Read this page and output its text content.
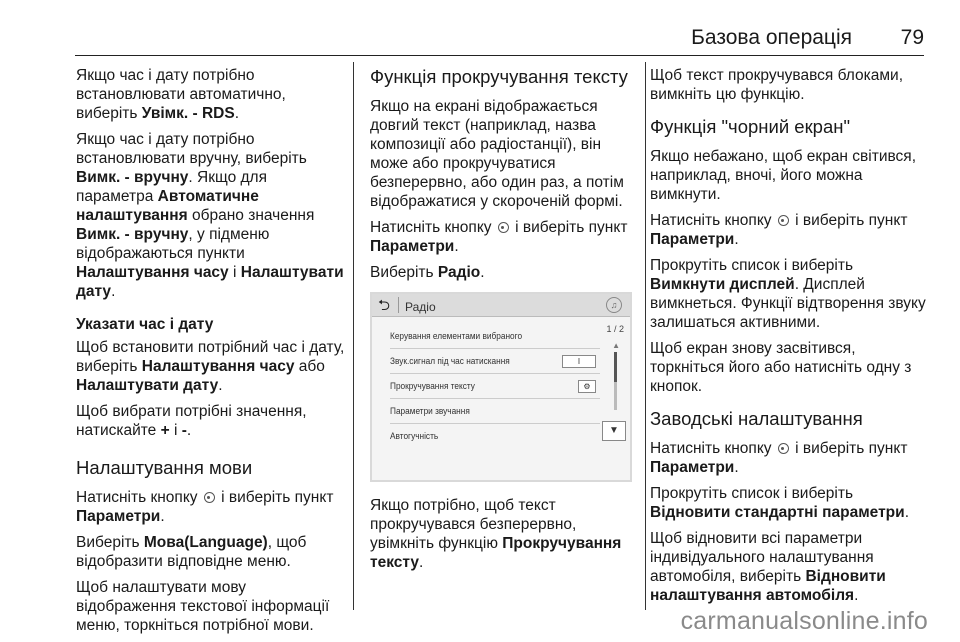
Базова операція 79

Якщо час і дату потрібно встановлювати автоматично, виберіть Увімк. - RDS.

Якщо час і дату потрібно встановлювати вручну, виберіть Вимк. - вручну. Якщо для параметра Автоматичне налаштування обрано значення Вимк. - вручну, у підменю відображаються пункти Налаштування часу і Налаштувати дату.

Указати час і дату

Щоб встановити потрібний час і дату, виберіть Налаштування часу або Налаштувати дату.

Щоб вибрати потрібні значення, натискайте + і -.

Налаштування мови

Натисніть кнопку і виберіть пункт Параметри.

Виберіть Мова(Language), щоб відобразити відповідне меню.

Щоб налаштувати мову відображення текстової інформації меню, торкніться потрібної мови.

Функція прокручування тексту

Якщо на екрані відображається довгий текст (наприклад, назва композиції або радіостанції), він може або прокручуватися безперервно, або один раз, а потім відображатися у скороченій формі.

Натисніть кнопку і виберіть пункт Параметри.

Виберіть Радіо.

⮌ Радіо	♫
Керування елементами вибраного
Звук.сигнал під час натискання	I
Прокручування тексту	⚙
Параметри звучання
Автогучність
1 / 2
▲
▼

Якщо потрібно, щоб текст прокручувався безперервно, увімкніть функцію Прокручування тексту.

Щоб текст прокручувався блоками, вимкніть цю функцію.

Функція "чорний екран"

Якщо небажано, щоб екран світився, наприклад, вночі, його можна вимкнути.

Натисніть кнопку і виберіть пункт Параметри.

Прокрутіть список і виберіть Вимкнути дисплей. Дисплей вимкнеться. Функції відтворення звуку залишаться активними.

Щоб екран знову засвітився, торкніться його або натисніть одну з кнопок.

Заводські налаштування

Натисніть кнопку і виберіть пункт Параметри.

Прокрутіть список і виберіть Відновити стандартні параметри.

Щоб відновити всі параметри індивідуального налаштування автомобіля, виберіть Відновити налаштування автомобіля.

carmanualsonline.info
